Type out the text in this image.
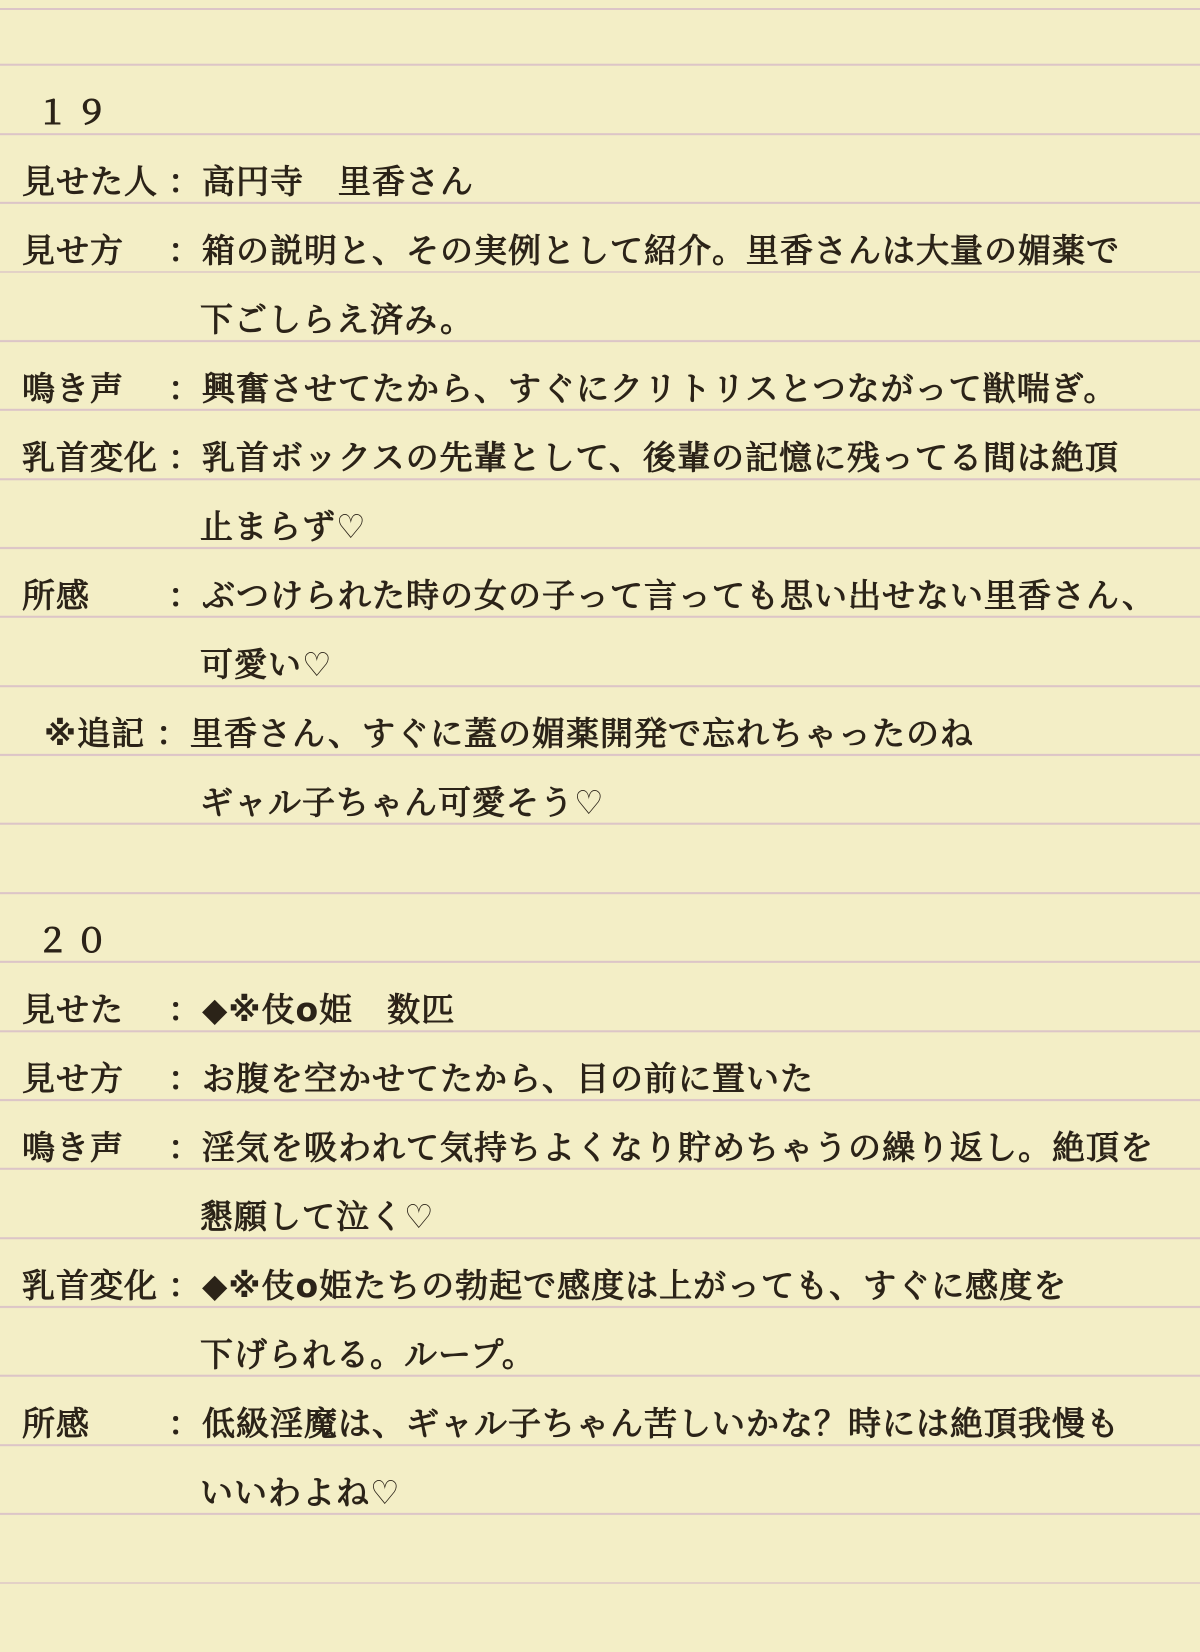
１９
見せた人 ： 高円寺　里香さん
見せ方	： 箱の説明と、その実例として紹介。里香さんは大量の媚薬で
下ごしらえ済み。
鳴き声	： 興奮させてたから、すぐにクリトリスとつながって獣喘ぎ。
乳首変化 ： 乳首ボックスの先輩として、後輩の記憶に残ってる間は絶頂
止まらず♡
所感	： ぶつけられた時の女の子って言っても思い出せない里香さん、
可愛い♡
※追記 ： 里香さん、すぐに蓋の媚薬開発で忘れちゃったのね
ギャル子ちゃん可愛そう♡
２０
見せた	： ◆※伎o姫　数匹
見せ方	： お腹を空かせてたから、目の前に置いた
鳴き声	： 淫気を吸われて気持ちよくなり貯めちゃうの繰り返し。絶頂を
懇願して泣く♡
乳首変化 ： ◆※伎o姫たちの勃起で感度は上がっても、すぐに感度を
下げられる。ループ。
所感	： 低級淫魔は、ギャル子ちゃん苦しいかな？時には絶頂我慢も
いいわよね♡
